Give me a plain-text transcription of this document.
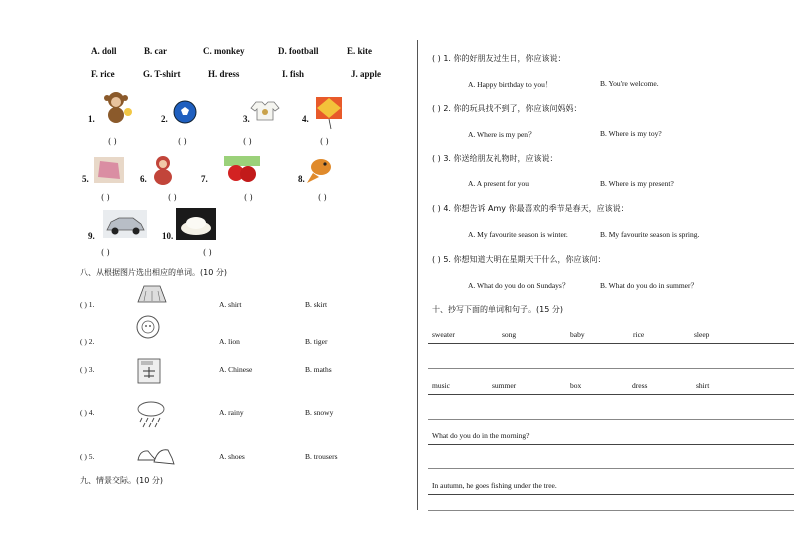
A. doll	B. car	C. monkey	D. football	E. kite
F. rice	G. T-shirt	H. dress	I. fish	J. apple
1.	2.	3.	4.
( )	( )	( )	( )
5.	6.	7.	8.
( )	( )	( )	( )
9.	10.
( )	( )
八、从根据图片选出相应的单词。(10 分)
( ) 1.	A. shirt	B. skirt
( ) 2.	A. lion	B. tiger
( ) 3.	A. Chinese	B. maths
( ) 4.	A. rainy	B. snowy
( ) 5.	A. shoes	B. trousers
九、情景交际。(10 分)
( ) 1. 你的好朋友过生日，你应该说：
A. Happy birthday to you！	B. You're welcome.
( ) 2. 你的玩具找不到了，你应该问妈妈：
A. Where is my pen？	B. Where is my toy?
( ) 3. 你送给朋友礼物时，应该说：
A. A present for you	B. Where is my present?
( ) 4. 你想告诉 Amy 你最喜欢的季节是春天，应该说：
A. My favourite season is winter.	B. My favourite season is spring.
( ) 5. 你想知道大明在星期天干什么，你应该问：
A. What do you do on Sundays？	B. What do you do in summer？
十、抄写下面的单词和句子。(15 分)
sweater	song	baby	rice	sleep
music	summer	box	dress	shirt
What do you do in the morning?
In autumn, he goes fishing under the tree.
